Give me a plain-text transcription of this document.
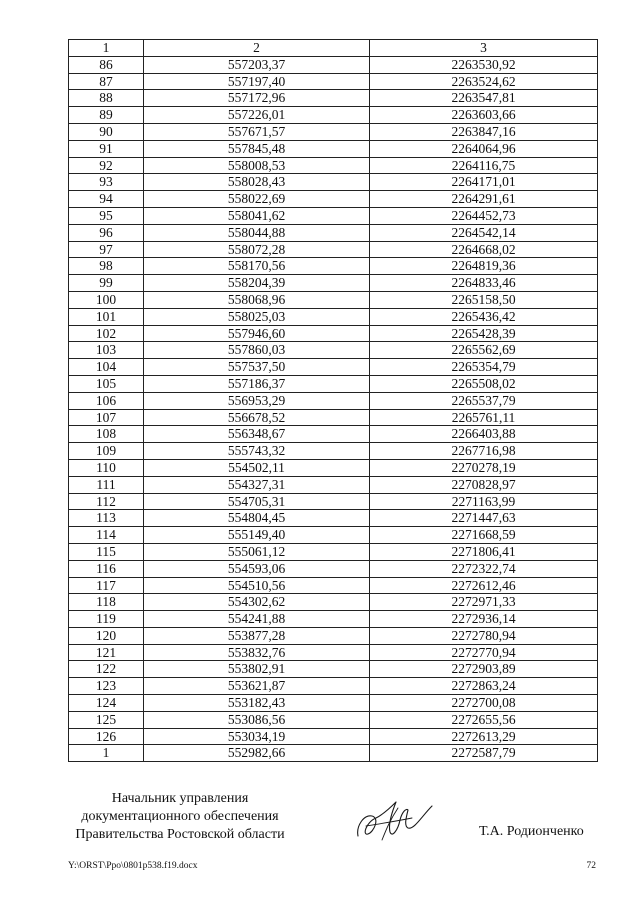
1	2	3
86	557203,37	2263530,92
87	557197,40	2263524,62
88	557172,96	2263547,81
89	557226,01	2263603,66
90	557671,57	2263847,16
91	557845,48	2264064,96
92	558008,53	2264116,75
93	558028,43	2264171,01
94	558022,69	2264291,61
95	558041,62	2264452,73
96	558044,88	2264542,14
97	558072,28	2264668,02
98	558170,56	2264819,36
99	558204,39	2264833,46
100	558068,96	2265158,50
101	558025,03	2265436,42
102	557946,60	2265428,39
103	557860,03	2265562,69
104	557537,50	2265354,79
105	557186,37	2265508,02
106	556953,29	2265537,79
107	556678,52	2265761,11
108	556348,67	2266403,88
109	555743,32	2267716,98
110	554502,11	2270278,19
111	554327,31	2270828,97
112	554705,31	2271163,99
113	554804,45	2271447,63
114	555149,40	2271668,59
115	555061,12	2271806,41
116	554593,06	2272322,74
117	554510,56	2272612,46
118	554302,62	2272971,33
119	554241,88	2272936,14
120	553877,28	2272780,94
121	553832,76	2272770,94
122	553802,91	2272903,89
123	553621,87	2272863,24
124	553182,43	2272700,08
125	553086,56	2272655,56
126	553034,19	2272613,29
1	552982,66	2272587,79
Начальник управления
документационного обеспечения
Правительства Ростовской области	Т.А. Родионченко
Y:\ORST\Ppo\0801p538.f19.docx	72
